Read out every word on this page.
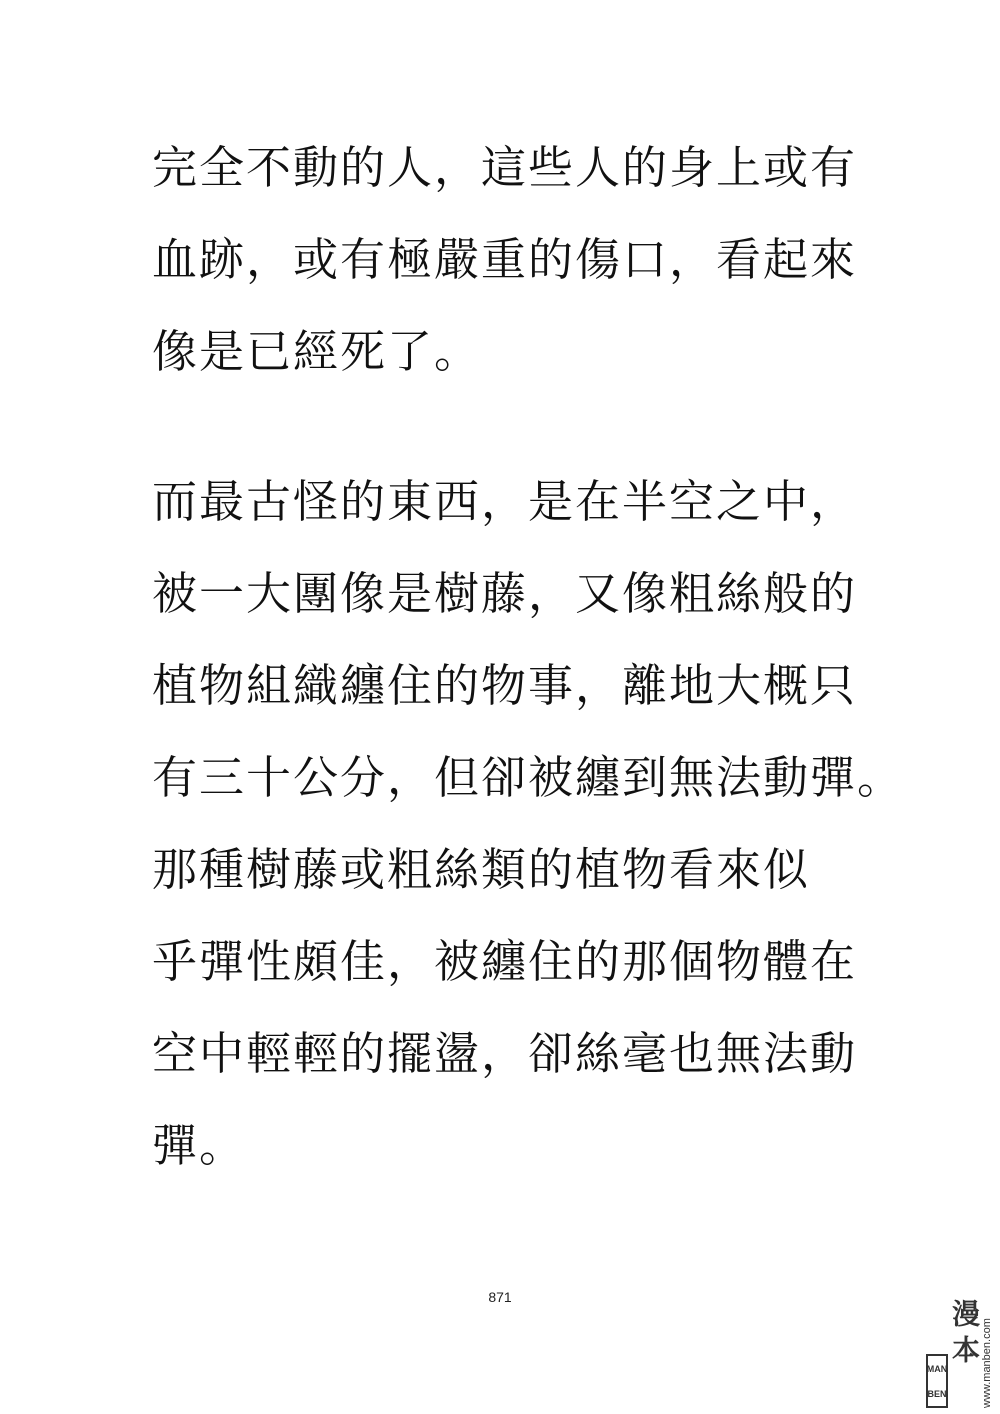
完全不動的人，這些人的身上或有
血跡，或有極嚴重的傷口，看起來
像是已經死了。
而最古怪的東西，是在半空之中，
被一大團像是樹藤，又像粗絲般的
植物組織纏住的物事，離地大概只
有三十公分，但卻被纏到無法動彈。
那種樹藤或粗絲類的植物看來似
乎彈性頗佳，被纏住的那個物體在
空中輕輕的擺盪，卻絲毫也無法動
彈。
871
MAN
BEN
漫本 www.manben.com
